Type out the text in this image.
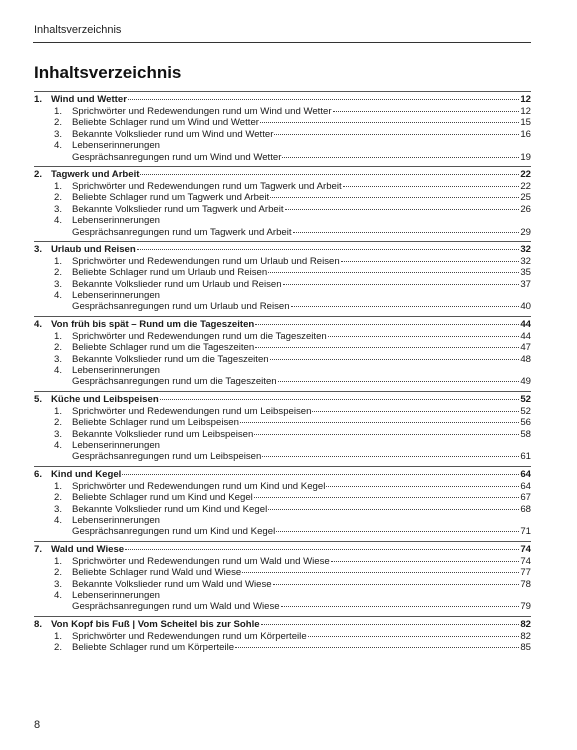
Inhaltsverzeichnis
Inhaltsverzeichnis
1. Wind und Wetter	12
1.	Sprichwörter und Redewendungen rund um Wind und Wetter	12
2.	Beliebte Schlager rund um Wind und Wetter	15
3.	Bekannte Volkslieder rund um Wind und Wetter	16
4.	Lebenserinnerungen
Gesprächsanregungen rund um Wind und Wetter	19
2. Tagwerk und Arbeit	22
1.	Sprichwörter und Redewendungen rund um Tagwerk und Arbeit	22
2.	Beliebte Schlager rund um Tagwerk und Arbeit	25
3.	Bekannte Volkslieder rund um Tagwerk und Arbeit	26
4.	Lebenserinnerungen
Gesprächsanregungen rund um Tagwerk und Arbeit	29
3. Urlaub und Reisen	32
1.	Sprichwörter und Redewendungen rund um Urlaub und Reisen	32
2.	Beliebte Schlager rund um Urlaub und Reisen	35
3.	Bekannte Volkslieder rund um Urlaub und Reisen	37
4.	Lebenserinnerungen
Gesprächsanregungen rund um Urlaub und Reisen	40
4. Von früh bis spät – Rund um die Tageszeiten	44
1.	Sprichwörter und Redewendungen rund um die Tageszeiten	44
2.	Beliebte Schlager rund um die Tageszeiten	47
3.	Bekannte Volkslieder rund um die Tageszeiten	48
4.	Lebenserinnerungen
Gesprächsanregungen rund um die Tageszeiten	49
5. Küche und Leibspeisen	52
1.	Sprichwörter und Redewendungen rund um Leibspeisen	52
2.	Beliebte Schlager rund um Leibspeisen	56
3.	Bekannte Volkslieder rund um Leibspeisen	58
4.	Lebenserinnerungen
Gesprächsanregungen rund um Leibspeisen	61
6. Kind und Kegel	64
1.	Sprichwörter und Redewendungen rund um Kind und Kegel	64
2.	Beliebte Schlager rund um Kind und Kegel	67
3.	Bekannte Volkslieder rund um Kind und Kegel	68
4.	Lebenserinnerungen
Gesprächsanregungen rund um Kind und Kegel	71
7. Wald und Wiese	74
1.	Sprichwörter und Redewendungen rund um Wald und Wiese	74
2.	Beliebte Schlager rund Wald und Wiese	77
3.	Bekannte Volkslieder rund um Wald und Wiese	78
4.	Lebenserinnerungen
Gesprächsanregungen rund um Wald und Wiese	79
8. Von Kopf bis Fuß | Vom Scheitel bis zur Sohle	82
1.	Sprichwörter und Redewendungen rund um Körperteile	82
2.	Beliebte Schlager rund um Körperteile	85
8
